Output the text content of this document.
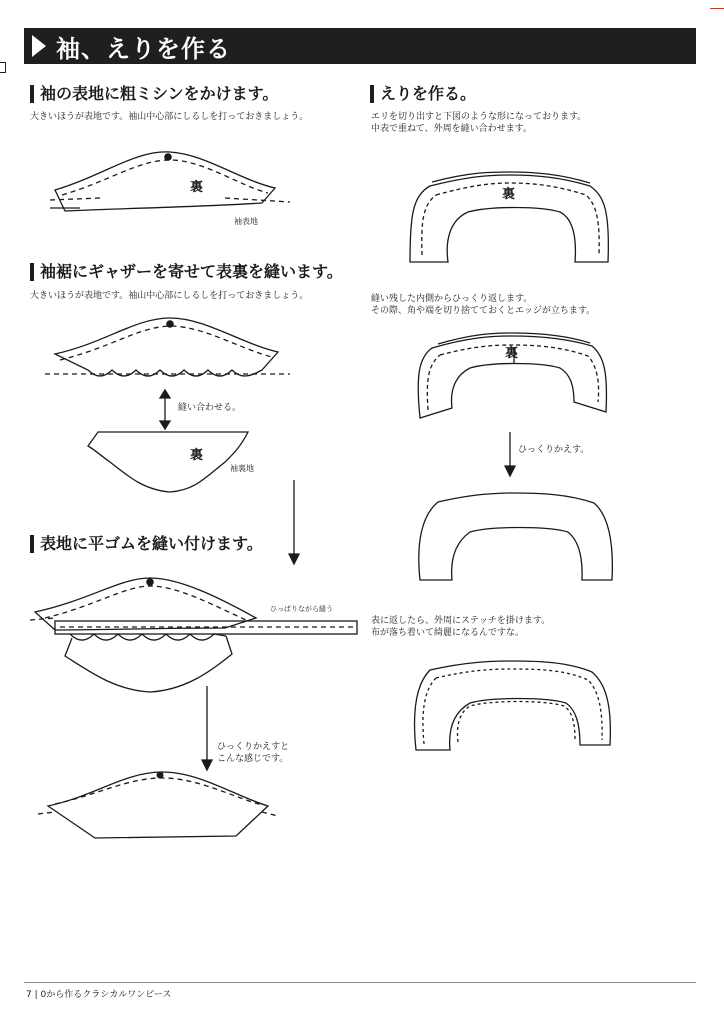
袖、えりを作る
袖の表地に粗ミシンをかけます。
大きいほうが表地です。袖山中心部にしるしを打っておきましょう。
袖裾にギャザーを寄せて表裏を縫います。
大きいほうが表地です。袖山中心部にしるしを打っておきましょう。
表地に平ゴムを縫い付けます。
えりを作る。
エリを切り出すと下図のような形になっております。
中表で重ねて、外周を縫い合わせます。
縫い残した内側からひっくり返します。
その際、角や端を切り捨てておくとエッジが立ちます。
表に返したら、外周にステッチを掛けます。
布が落ち着いて綺麗になるんですな。
裏
袖表地
縫い合わせる。
裏
袖裏地
ひっぱりながら縫う
ひっくりかえすと
こんな感じです。
裏
裏
ひっくりかえす。
7 | 0から作るクラシカルワンピース
